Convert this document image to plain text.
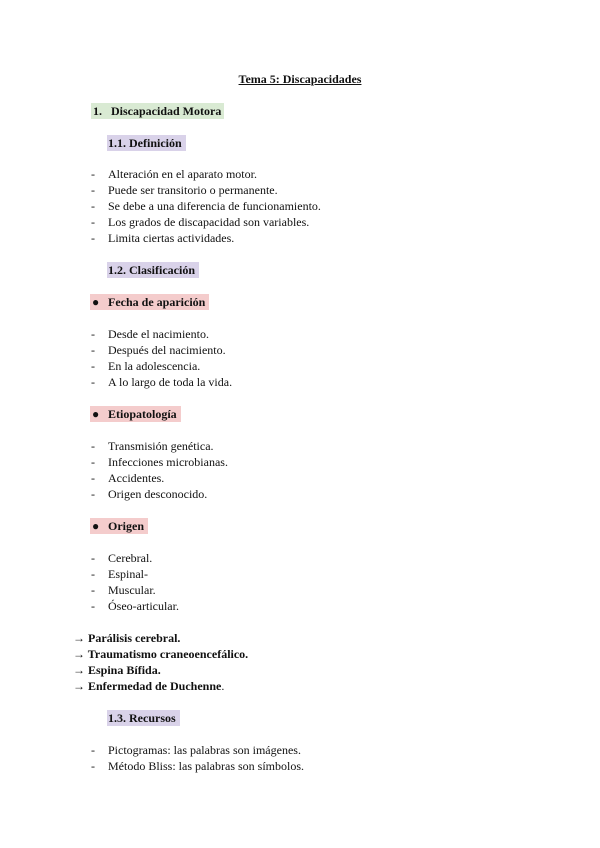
Tema 5: Discapacidades
1. Discapacidad Motora
1.1. Definición
- Alteración en el aparato motor.
- Puede ser transitorio o permanente.
- Se debe a una diferencia de funcionamiento.
- Los grados de discapacidad son variables.
- Limita ciertas actividades.
1.2. Clasificación
● Fecha de aparición
- Desde el nacimiento.
- Después del nacimiento.
- En la adolescencia.
- A lo largo de toda la vida.
● Etiopatología
- Transmisión genética.
- Infecciones microbianas.
- Accidentes.
- Origen desconocido.
● Origen
- Cerebral.
- Espinal-
- Muscular.
- Óseo-articular.
→ Parálisis cerebral.
→ Traumatismo craneoencefálico.
→ Espina Bífida.
→ Enfermedad de Duchenne.
1.3. Recursos
- Pictogramas: las palabras son imágenes.
- Método Bliss: las palabras son símbolos.
